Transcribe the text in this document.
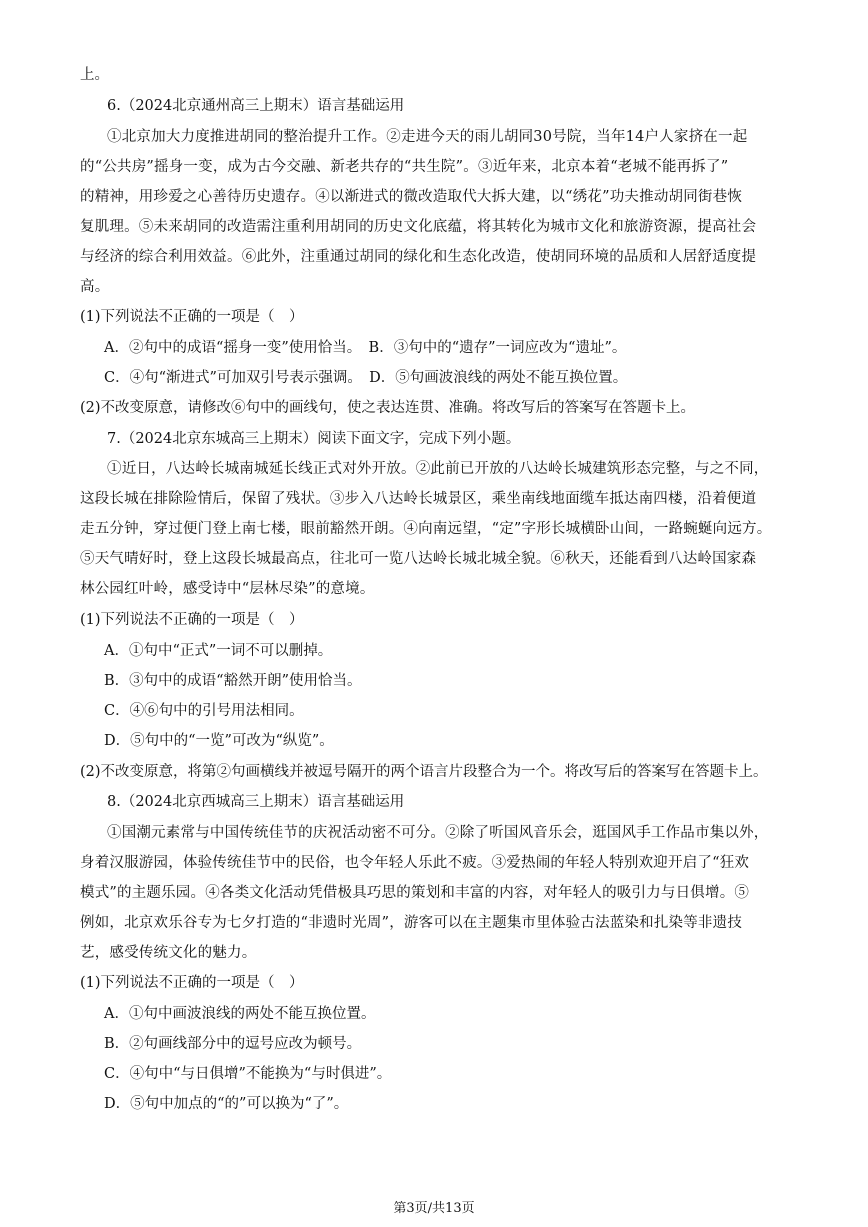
上。
6.（2024北京通州高三上期末）语言基础运用
①北京加大力度推进胡同的整治提升工作。②走进今天的雨儿胡同30号院，当年14户人家挤在一起
的“公共房”摇身一变，成为古今交融、新老共存的“共生院”。③近年来，北京本着“老城不能再拆了”
的精神，用珍爱之心善待历史遗存。④以渐进式的微改造取代大拆大建，以“绣花”功夫推动胡同街巷恢
复肌理。⑤未来胡同的改造需注重利用胡同的历史文化底蕴，将其转化为城市文化和旅游资源，提高社会
与经济的综合利用效益。⑥此外，注重通过胡同的绿化和生态化改造，使胡同环境的品质和人居舒适度提
高。
(1)下列说法不正确的一项是（　）
A．②句中的成语“摇身一变”使用恰当。　B．③句中的“遗存”一词应改为“遗址”。
C．④句“渐进式”可加双引号表示强调。　D．⑤句画波浪线的两处不能互换位置。
(2)不改变原意，请修改⑥句中的画线句，使之表达连贯、准确。将改写后的答案写在答题卡上。
7.（2024北京东城高三上期末）阅读下面文字，完成下列小题。
①近日，八达岭长城南城延长线正式对外开放。②此前已开放的八达岭长城建筑形态完整，与之不同，
这段长城在排除险情后，保留了残状。③步入八达岭长城景区，乘坐南线地面缆车抵达南四楼，沿着便道
走五分钟，穿过便门登上南七楼，眼前豁然开朗。④向南远望，“定”字形长城横卧山间，一路蜿蜒向远方。
⑤天气晴好时，登上这段长城最高点，往北可一览八达岭长城北城全貌。⑥秋天，还能看到八达岭国家森
林公园红叶岭，感受诗中“层林尽染”的意境。
(1)下列说法不正确的一项是（　）
A．①句中“正式”一词不可以删掉。
B．③句中的成语“豁然开朗”使用恰当。
C．④⑥句中的引号用法相同。
D．⑤句中的“一览”可改为“纵览”。
(2)不改变原意，将第②句画横线并被逗号隔开的两个语言片段整合为一个。将改写后的答案写在答题卡上。
8.（2024北京西城高三上期末）语言基础运用
①国潮元素常与中国传统佳节的庆祝活动密不可分。②除了听国风音乐会，逛国风手工作品市集以外，
身着汉服游园，体验传统佳节中的民俗，也令年轻人乐此不疲。③爱热闹的年轻人特别欢迎开启了“狂欢
模式”的主题乐园。④各类文化活动凭借极具巧思的策划和丰富的内容，对年轻人的吸引力与日俱增。⑤
例如，北京欢乐谷专为七夕打造的“非遗时光周”，游客可以在主题集市里体验古法蓝染和扎染等非遗技
艺，感受传统文化的魅力。
(1)下列说法不正确的一项是（　）
A．①句中画波浪线的两处不能互换位置。
B．②句画线部分中的逗号应改为顿号。
C．④句中“与日俱增”不能换为“与时俱进”。
D．⑤句中加点的“的”可以换为“了”。
第3页/共13页
